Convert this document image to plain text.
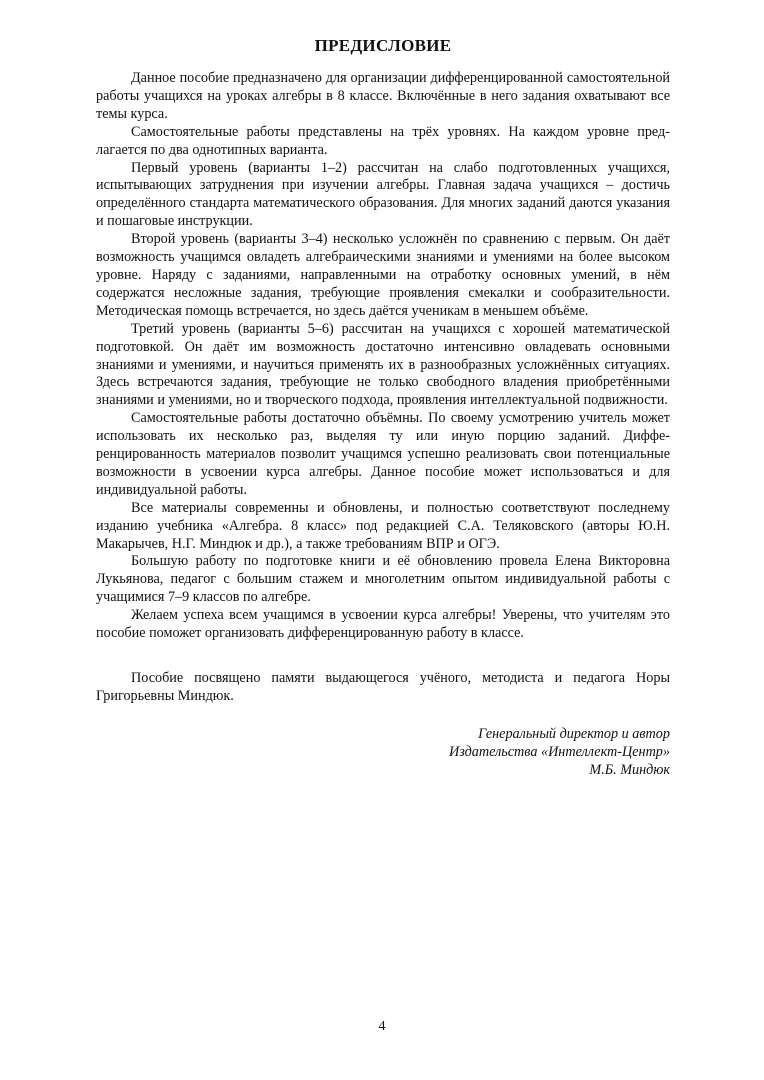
ПРЕДИСЛОВИЕ

Данное пособие предназначено для организации дифференцированной самостоятельной работы учащихся на уроках алгебры в 8 классе. Включённые в него задания охватывают все темы курса.

Самостоятельные работы представлены на трёх уровнях. На каждом уровне предлагается по два однотипных варианта.

Первый уровень (варианты 1–2) рассчитан на слабо подготовленных учащихся, испытывающих затруднения при изучении алгебры. Главная задача учащихся – достичь определённого стандарта математического образования. Для многих заданий даются указания и пошаговые инструкции.

Второй уровень (варианты 3–4) несколько усложнён по сравнению с первым. Он даёт возможность учащимся овладеть алгебраическими знаниями и умениями на более высоком уровне. Наряду с заданиями, направленными на отработку основных умений, в нём содержатся несложные задания, требующие проявления смекалки и сообразительности. Методическая помощь встречается, но здесь даётся ученикам в меньшем объёме.

Третий уровень (варианты 5–6) рассчитан на учащихся с хорошей математической подготовкой. Он даёт им возможность достаточно интенсивно овладевать основными знаниями и умениями, и научиться применять их в разнообразных усложнённых ситуациях. Здесь встречаются задания, требующие не только свободного владения приобретёнными знаниями и умениями, но и творческого подхода, проявления интеллектуальной подвижности.

Самостоятельные работы достаточно объёмны. По своему усмотрению учитель может использовать их несколько раз, выделяя ту или иную порцию заданий. Дифференцированность материалов позволит учащимся успешно реализовать свои потенциальные возможности в усвоении курса алгебры. Данное пособие может использоваться и для индивидуальной работы.

Все материалы современны и обновлены, и полностью соответствуют последнему изданию учебника «Алгебра. 8 класс» под редакцией С.А. Теляковского (авторы Ю.Н. Макарычев, Н.Г. Миндюк и др.), а также требованиям ВПР и ОГЭ.

Большую работу по подготовке книги и её обновлению провела Елена Викторовна Лукьянова, педагог с большим стажем и многолетним опытом индивидуальной работы с учащимися 7–9 классов по алгебре.

Желаем успеха всем учащимся в усвоении курса алгебры! Уверены, что учителям это пособие поможет организовать дифференцированную работу в классе.

Пособие посвящено памяти выдающегося учёного, методиста и педагога Норы Григорьевны Миндюк.

Генеральный директор и автор
Издательства «Интеллект-Центр»
М.Б. Миндюк
4
